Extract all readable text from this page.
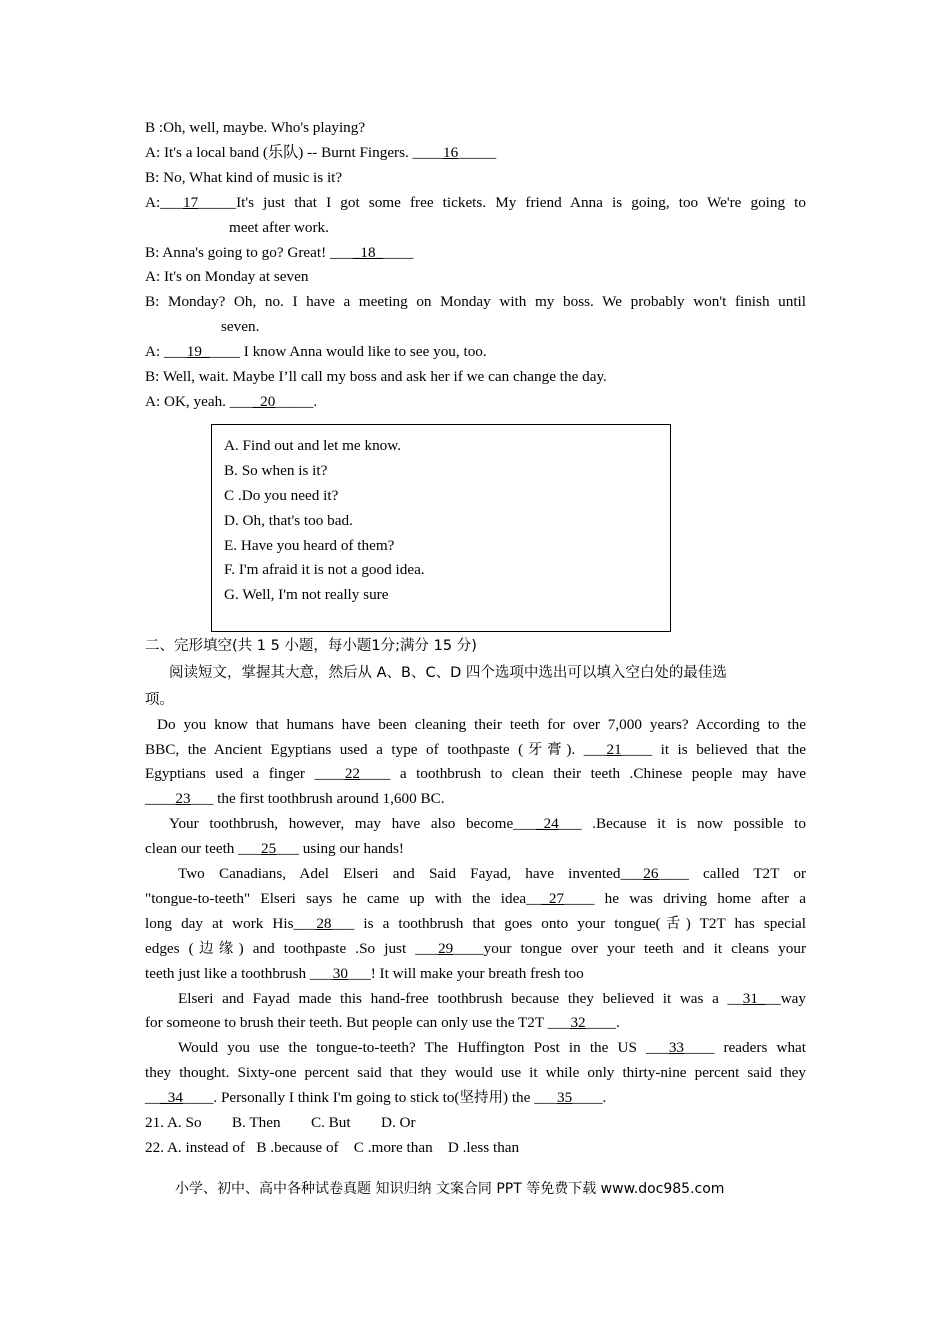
B :Oh, well, maybe. Who's playing?
A: It's a local band (乐队) -- Burnt Fingers. ____16_____
B: No, What kind of music is it?
A:___17_____It's just that I got some free tickets. My friend Anna is going, too We're going to
meet after work.
B: Anna's going to go? Great! ____18_____
A: It's on Monday at seven
B: Monday? Oh, no. I have a meeting on Monday with my boss. We probably won't finish until
seven.
A: ___19_____ I know Anna would like to see you, too.
B: Well, wait. Maybe I’ll call my boss and ask her if we can change the day.
A: OK, yeah. ____20_____.
A. Find out and let me know.
B. So when is it?
C .Do you need it?
D. Oh, that's too bad.
E. Have you heard of them?
F. I'm afraid it is not a good idea.
G. Well, I'm not really sure
二、完形填空(共 1 5 小题，每小题1分;满分 15 分)
阅读短文，掌握其大意，然后从 A、B、C、D 四个选项中选出可以填入空白处的最佳选
项。
Do you know that humans have been cleaning their teeth for over 7,000 years? According to the
BBC, the Ancient Egyptians used a type of toothpaste (牙膏). ___21____ it is believed that the
Egyptians used a finger ____22____ a toothbrush to clean their teeth .Chinese people may have
____23___ the first toothbrush around 1,600 BC.
Your toothbrush, however, may have also become____24___ .Because it is now possible to
clean our teeth ___25___ using our hands!
Two Canadians, Adel Elseri and Said Fayad, have invented___26____ called T2T or
"tongue-to-teeth" Elseri says he came up with the idea___27____ he was driving home after a
long day at work His___28___ is a toothbrush that goes onto your tongue(舌) T2T has special
edges (边缘) and toothpaste .So just ___29____your tongue over your teeth and it cleans your
teeth just like a toothbrush ___30___! It will make your breath fresh too
Elseri and Fayad made this hand-free toothbrush because they believed it was a __31___way
for someone to brush their teeth. But people can only use the T2T ___32____.
Would you use the tongue-to-teeth? The Huffington Post in the US ___33____ readers what
they thought. Sixty-one percent said that they would use it while only thirty-nine percent said they
___34____. Personally I think I'm going to stick to(坚持用) the ___35____.
21. A. So        B. Then        C. But        D. Or
22. A. instead of   B .because of    C .more than    D .less than
小学、初中、高中各种试卷真题 知识归纳 文案合同 PPT 等免费下载 www.doc985.com
